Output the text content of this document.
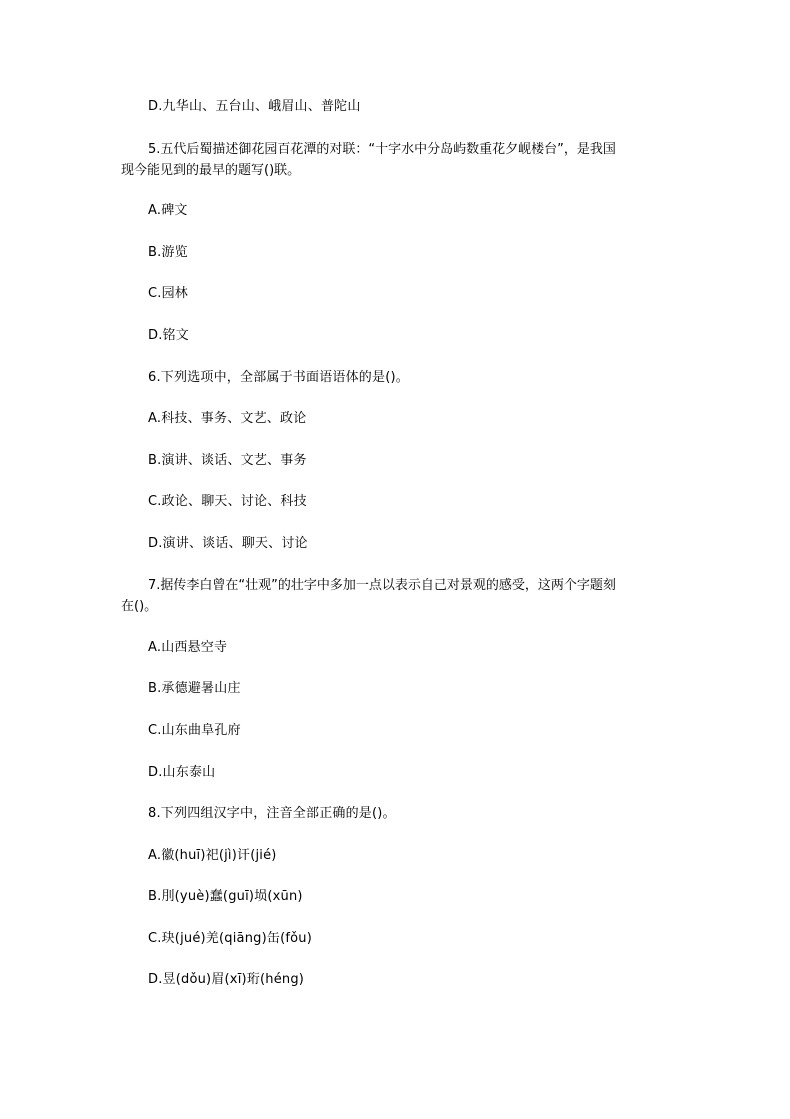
D.九华山、五台山、峨眉山、普陀山
5.五代后蜀描述御花园百花潭的对联：“十字水中分岛屿数重花夕岘楼台”，是我国
现今能见到的最早的题写()联。
A.碑文
B.游览
C.园林
D.铭文
6.下列选项中，全部属于书面语语体的是()。
A.科技、事务、文艺、政论
B.演讲、谈话、文艺、事务
C.政论、聊天、讨论、科技
D.演讲、谈话、聊天、讨论
7.据传李白曾在“壮观”的壮字中多加一点以表示自己对景观的感受，这两个字题刻
在()。
A.山西悬空寺
B.承德避暑山庄
C.山东曲阜孔府
D.山东泰山
8.下列四组汉字中，注音全部正确的是()。
A.徽(huī)祀(jì)讦(jié)
B.刖(yuè)蠢(guī)埙(xūn)
C.玦(jué)羌(qiāng)缶(fǒu)
D.昱(dǒu)眉(xī)珩(héng)
